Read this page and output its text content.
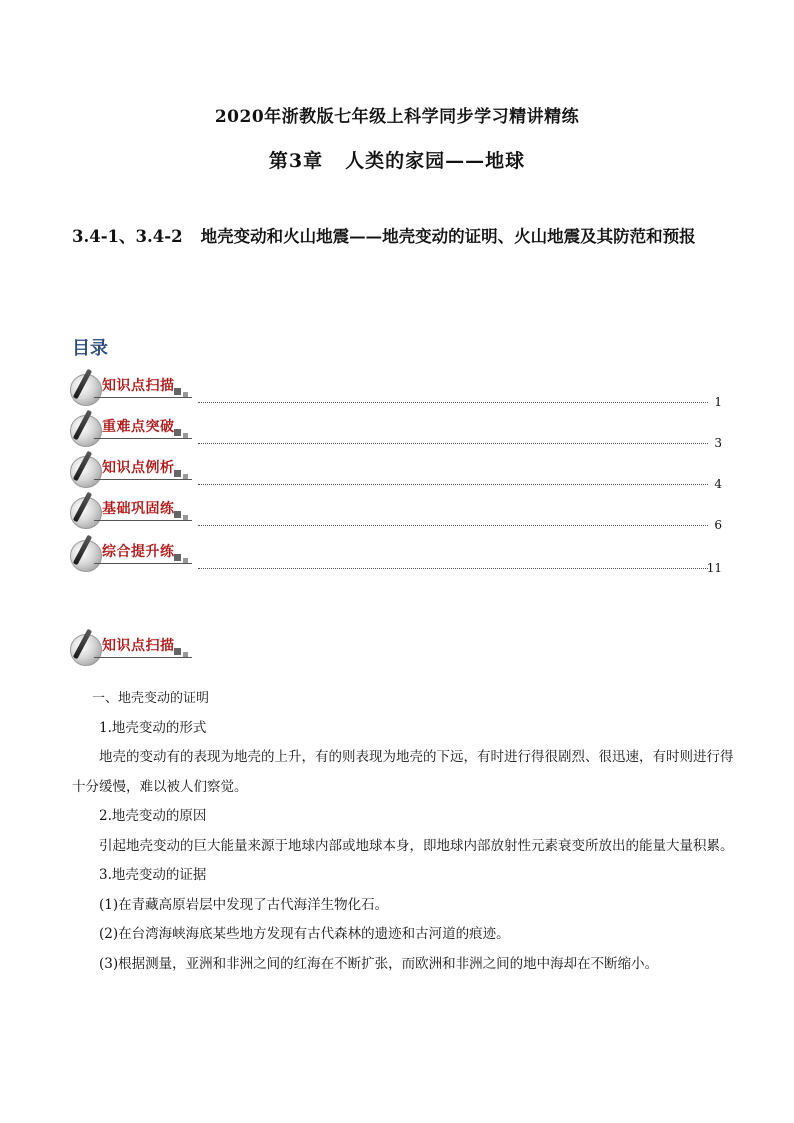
2020年浙教版七年级上科学同步学习精讲精练
第3章 人类的家园——地球
3.4-1、3.4-2 地壳变动和火山地震——地壳变动的证明、火山地震及其防范和预报
目录
知识点扫描
1
重难点突破
3
知识点例析
4
基础巩固练
6
综合提升练
11
知识点扫描

一、地壳变动的证明

1.地壳变动的形式

地壳的变动有的表现为地壳的上升，有的则表现为地壳的下远，有时进行得很剧烈、很迅速，有时则进行得十分缓慢，难以被人们察觉。

2.地壳变动的原因

引起地壳变动的巨大能量来源于地球内部或地球本身，即地球内部放射性元素衰变所放出的能量大量积累。

3.地壳变动的证据

(1)在青藏高原岩层中发现了古代海洋生物化石。

(2)在台湾海峡海底某些地方发现有古代森林的遗迹和古河道的痕迹。

(3)根据测量，亚洲和非洲之间的红海在不断扩张，而欧洲和非洲之间的地中海却在不断缩小。
